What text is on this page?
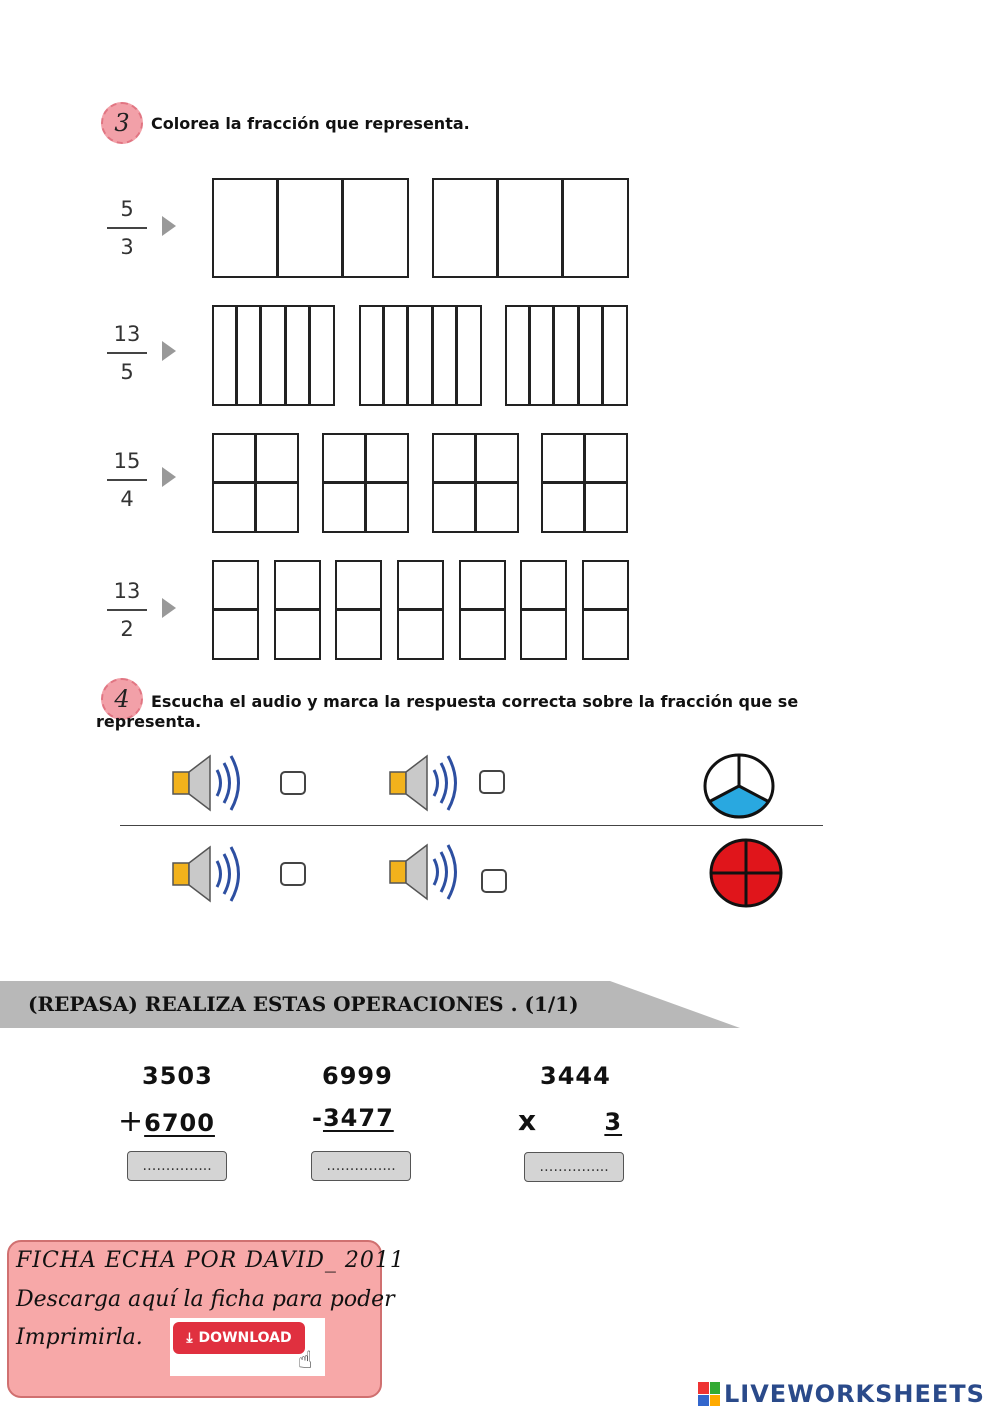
3 Colorea la fracción que representa.
5
3
13
5
15
4
13
2
4	Escucha el audio y marca la respuesta correcta sobre la fracción que se representa.
(REPASA) REALIZA ESTAS OPERACIONES . (1/1)
3503
+6700
…………...
6999
-3477
…………...
3444
x	3
…………...
FICHA ECHA POR DAVID_ 2011
Descarga aquí la ficha para poder
Imprimirla.	⤓ DOWNLOAD
☝
LIVEWORKSHEETS
